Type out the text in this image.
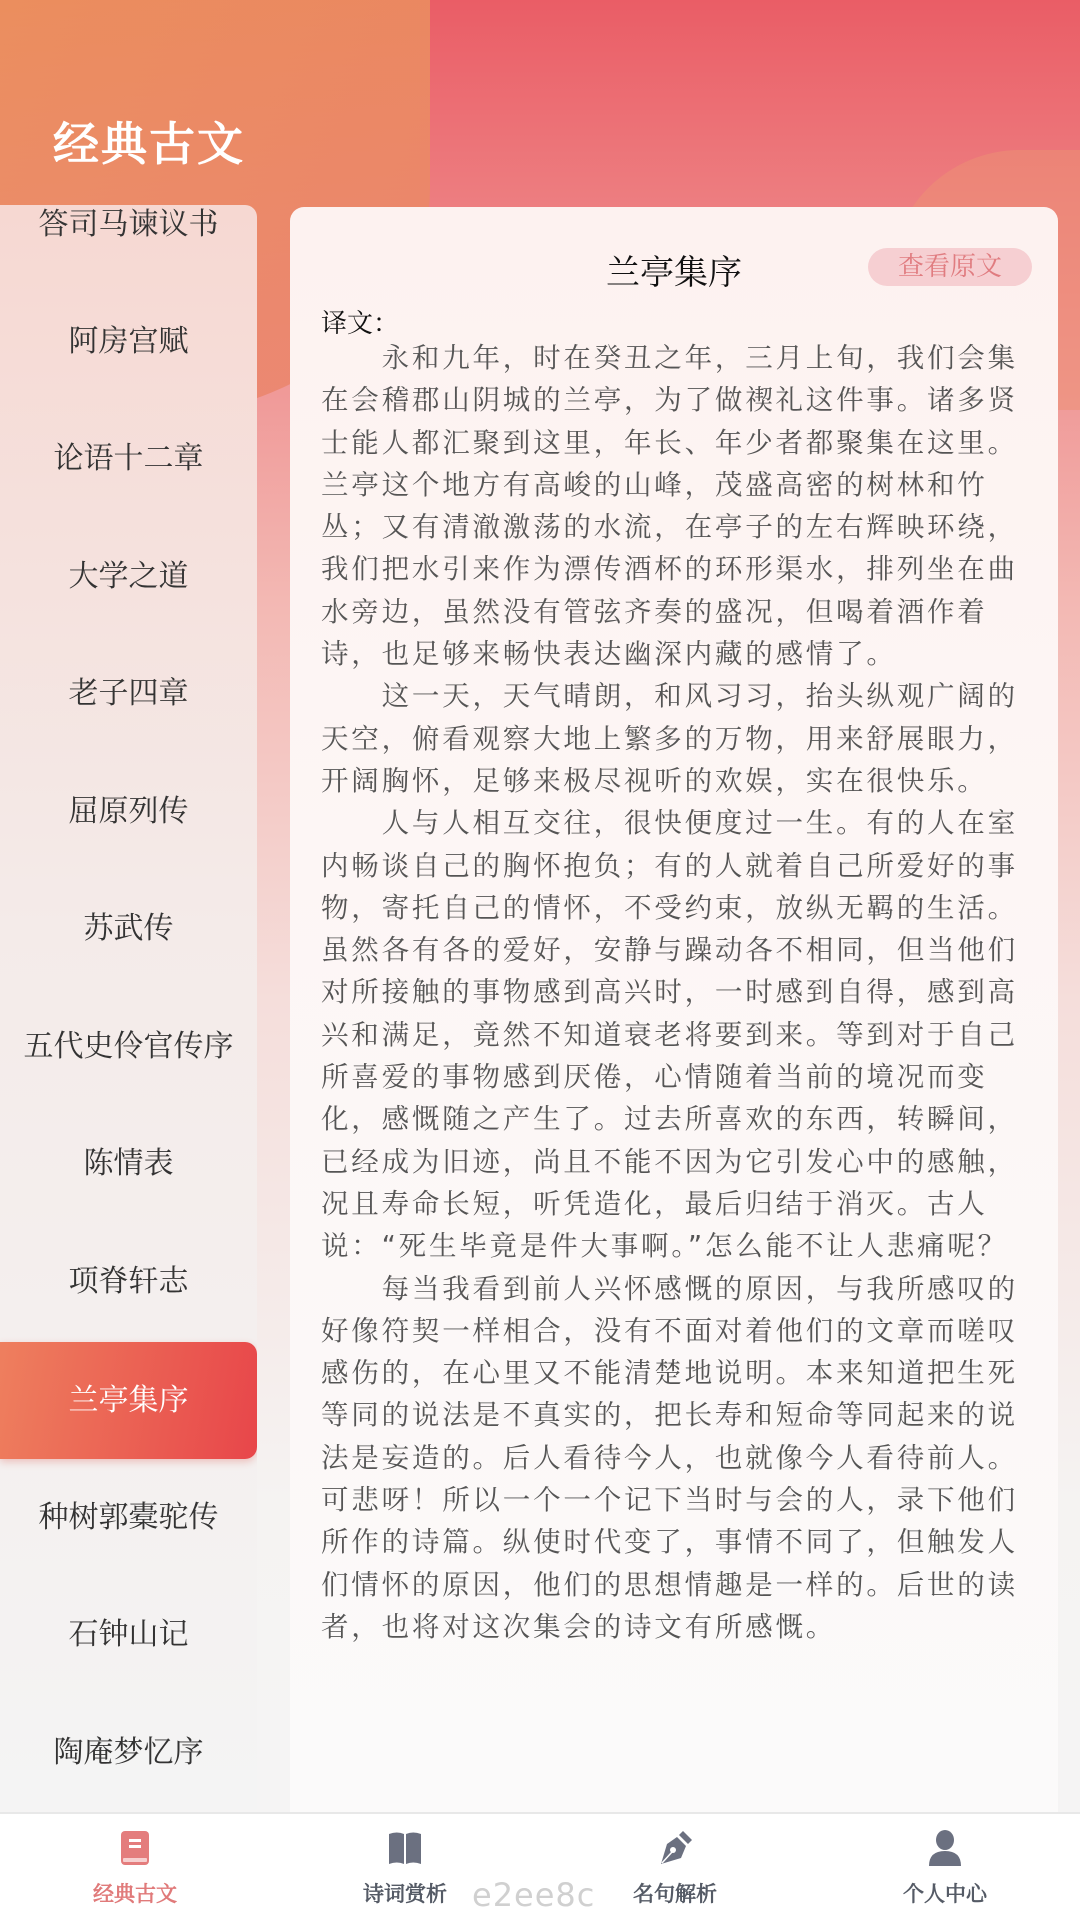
经典古文
答司马谏议书
阿房宫赋
论语十二章
大学之道
老子四章
屈原列传
苏武传
五代史伶官传序
陈情表
项脊轩志
兰亭集序
种树郭橐驼传
石钟山记
陶庵梦忆序
兰亭集序	查看原文
译文：

永和九年，时在癸丑之年，三月上旬，我们会集在会稽郡山阴城的兰亭，为了做禊礼这件事。诸多贤士能人都汇聚到这里，年长、年少者都聚集在这里。兰亭这个地方有高峻的山峰，茂盛高密的树林和竹丛；又有清澈激荡的水流，在亭子的左右辉映环绕，我们把水引来作为漂传酒杯的环形渠水，排列坐在曲水旁边，虽然没有管弦齐奏的盛况，但喝着酒作着诗，也足够来畅快表达幽深内藏的感情了。

这一天，天气晴朗，和风习习，抬头纵观广阔的天空，俯看观察大地上繁多的万物，用来舒展眼力，开阔胸怀，足够来极尽视听的欢娱，实在很快乐。

人与人相互交往，很快便度过一生。有的人在室内畅谈自己的胸怀抱负；有的人就着自己所爱好的事物，寄托自己的情怀，不受约束，放纵无羁的生活。虽然各有各的爱好，安静与躁动各不相同，但当他们对所接触的事物感到高兴时，一时感到自得，感到高兴和满足，竟然不知道衰老将要到来。等到对于自己所喜爱的事物感到厌倦，心情随着当前的境况而变化，感慨随之产生了。过去所喜欢的东西，转瞬间，已经成为旧迹，尚且不能不因为它引发心中的感触，况且寿命长短，听凭造化，最后归结于消灭。古人说：“死生毕竟是件大事啊。”怎么能不让人悲痛呢？

每当我看到前人兴怀感慨的原因，与我所感叹的好像符契一样相合，没有不面对着他们的文章而嗟叹感伤的，在心里又不能清楚地说明。本来知道把生死等同的说法是不真实的，把长寿和短命等同起来的说法是妄造的。后人看待今人，也就像今人看待前人。可悲呀！所以一个一个记下当时与会的人，录下他们所作的诗篇。纵使时代变了，事情不同了，但触发人们情怀的原因，他们的思想情趣是一样的。后世的读者，也将对这次集会的诗文有所感慨。

经典古文	诗词赏析	名句解析	个人中心
e2ee8c
